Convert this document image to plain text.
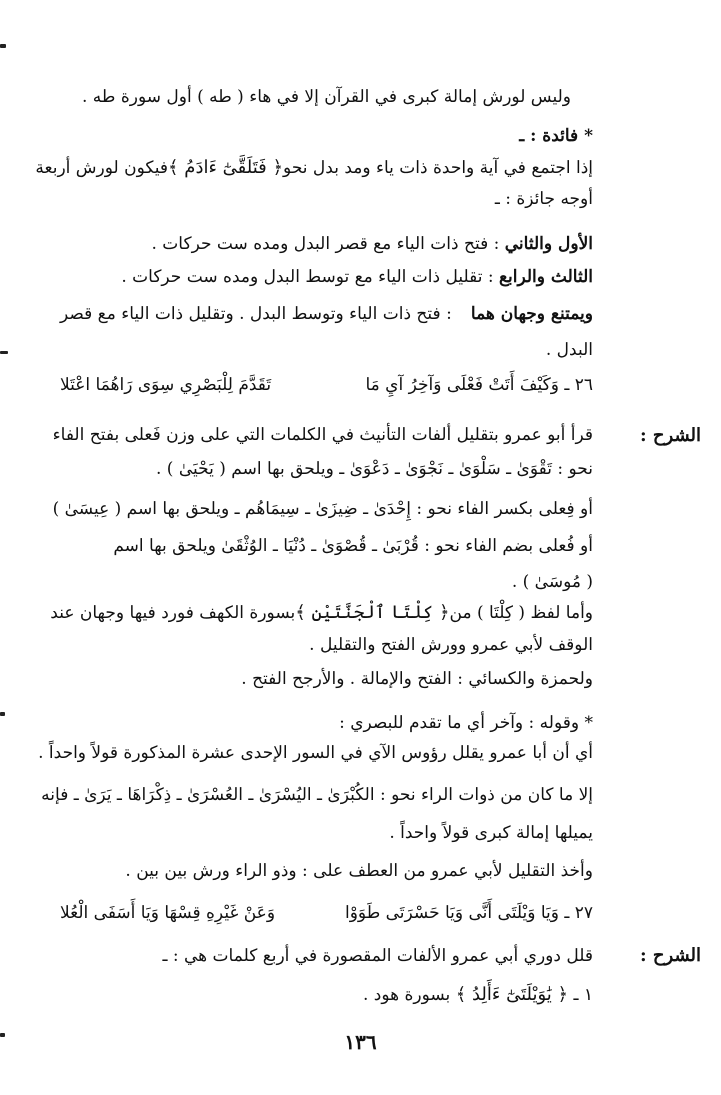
وليس لورش إمالة كبرى في القرآن إلا في هاء ( طه ) أول سورة طه .
* فائدة : ـ
إذا اجتمع في آية واحدة ذات ياء ومد بدل نحو
﴿ فَتَلَقَّىٰٓ ءَادَمُ ﴾
فيكون لورش أربعة
أوجه جائزة : ـ
الأول والثاني : فتح ذات الياء مع قصر البدل ومده ست حركات .
الثالث والرابع : تقليل ذات الياء مع توسط البدل ومده ست حركات .
ويمتنع وجهان هما
: فتح ذات الياء وتوسط البدل . وتقليل ذات الياء مع قصر
البدل .
٢٦ ـ وَكَيْفَ أَتَتْ فَعْلَى وَآخِرُ آيِ مَا
تَقَدَّمَ لِلْبَصْرِي سِوَى رَاهُمَا اعْتَلا
الشرح :
قرأ أبو عمرو بتقليل ألفات التأنيث في الكلمات التي على وزن فَعلى بفتح الفاء
نحو : تَقْوَىٰ ـ سَلْوَىٰ ـ نَجْوَىٰ ـ دَعْوَىٰ ـ ويلحق بها اسم ( يَحْيَىٰ ) .
أو فِعلى بكسر الفاء نحو : إِحْدَىٰ ـ ضِيزَىٰ ـ سِيمَاهُم ـ ويلحق بها اسم ( عِيسَىٰ )
أو فُعلى بضم الفاء نحو : قُرْبَىٰ ـ قُصْوَىٰ ـ دُنْيَا ـ الوُثْقَىٰ ويلحق بها اسم
( مُوسَىٰ ) .
وأما لفظ ( كِلْتَا ) من
﴿ كِلْتَا ٱلْجَنَّتَيْنِ ﴾
بسورة الكهف فورد فيها وجهان عند
الوقف لأبي عمرو وورش الفتح والتقليل .
ولحمزة والكسائي : الفتح والإمالة . والأرجح الفتح .
* وقوله : وآخر أي ما تقدم للبصري :
أي أن أبا عمرو يقلل رؤوس الآي في السور الإحدى عشرة المذكورة قولاً واحداً .
إلا ما كان من ذوات الراء نحو : الكُبْرَىٰ ـ اليُسْرَىٰ ـ العُسْرَىٰ ـ ذِكْرَاهَا ـ يَرَىٰ ـ فإنه
يميلها إمالة كبرى قولاً واحداً .
وأخذ التقليل لأبي عمرو من العطف على : وذو الراء ورش بين بين .
٢٧ ـ وَيَا وَيْلَتَى أَنَّى وَيَا حَسْرَتَى طَوَوْا
وَعَنْ غَيْرِهِ قِسْهَا وَيَا أَسَفَى الْعُلا
الشرح :
قلل دوري أبي عمرو الألفات المقصورة في أربع كلمات هي : ـ
١ ـ ﴿ يَٰوَيْلَتَىٰٓ ءَأَلِدُ ﴾ بسورة هود .
١٣٦
